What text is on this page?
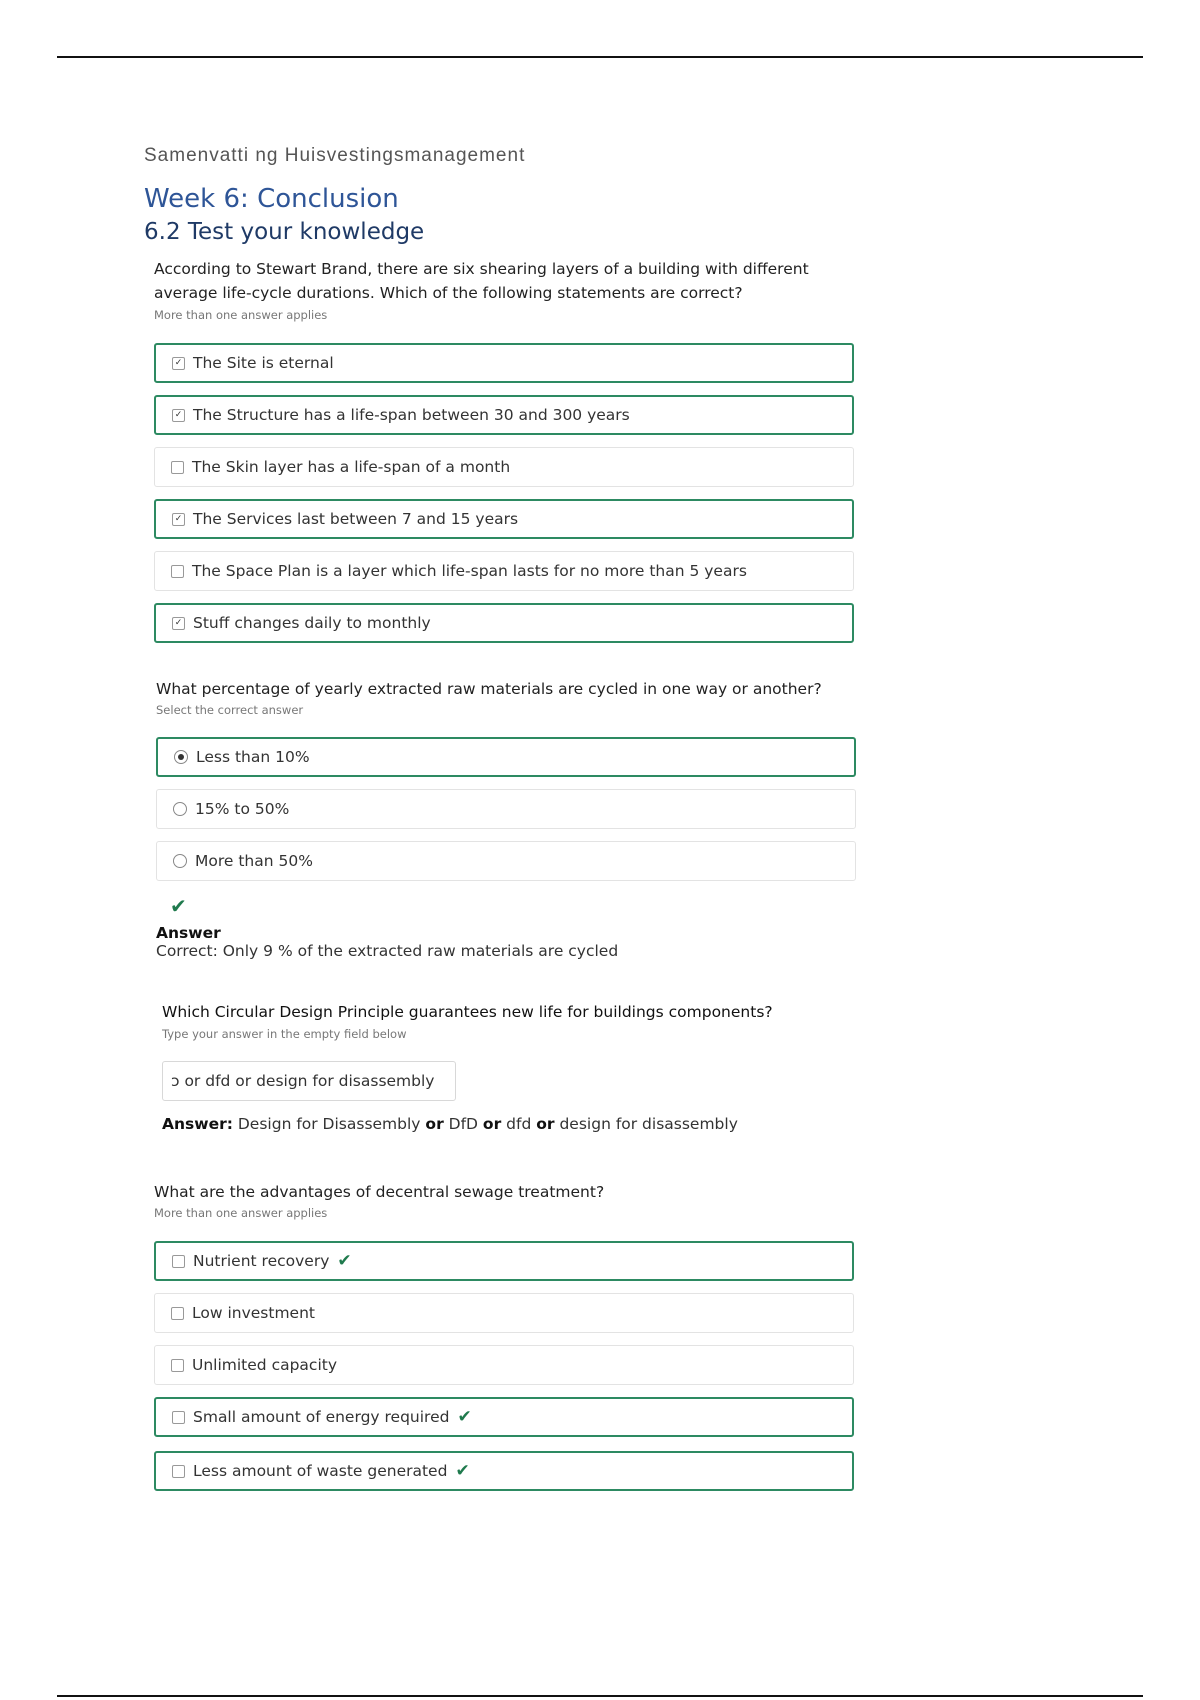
Samenvatti ng Huisvestingsmanagement
Week 6: Conclusion
6.2 Test your knowledge
According to Stewart Brand, there are six shearing layers of a building with different
average life-cycle durations. Which of the following statements are correct?
More than one answer applies
✓ The Site is eternal
✓ The Structure has a life-span between 30 and 300 years
The Skin layer has a life-span of a month
✓ The Services last between 7 and 15 years
The Space Plan is a layer which life-span lasts for no more than 5 years
✓ Stuff changes daily to monthly
What percentage of yearly extracted raw materials are cycled in one way or another?
Select the correct answer
Less than 10%
15% to 50%
More than 50%
✔
Answer
Correct: Only 9 % of the extracted raw materials are cycled
Which Circular Design Principle guarantees new life for buildings components?
Type your answer in the empty field below
ɔ or dfd or design for disassembly
Answer: Design for Disassembly or DfD or dfd or design for disassembly
What are the advantages of decentral sewage treatment?
More than one answer applies
Nutrient recovery ✔
Low investment
Unlimited capacity
Small amount of energy required ✔
Less amount of waste generated ✔
